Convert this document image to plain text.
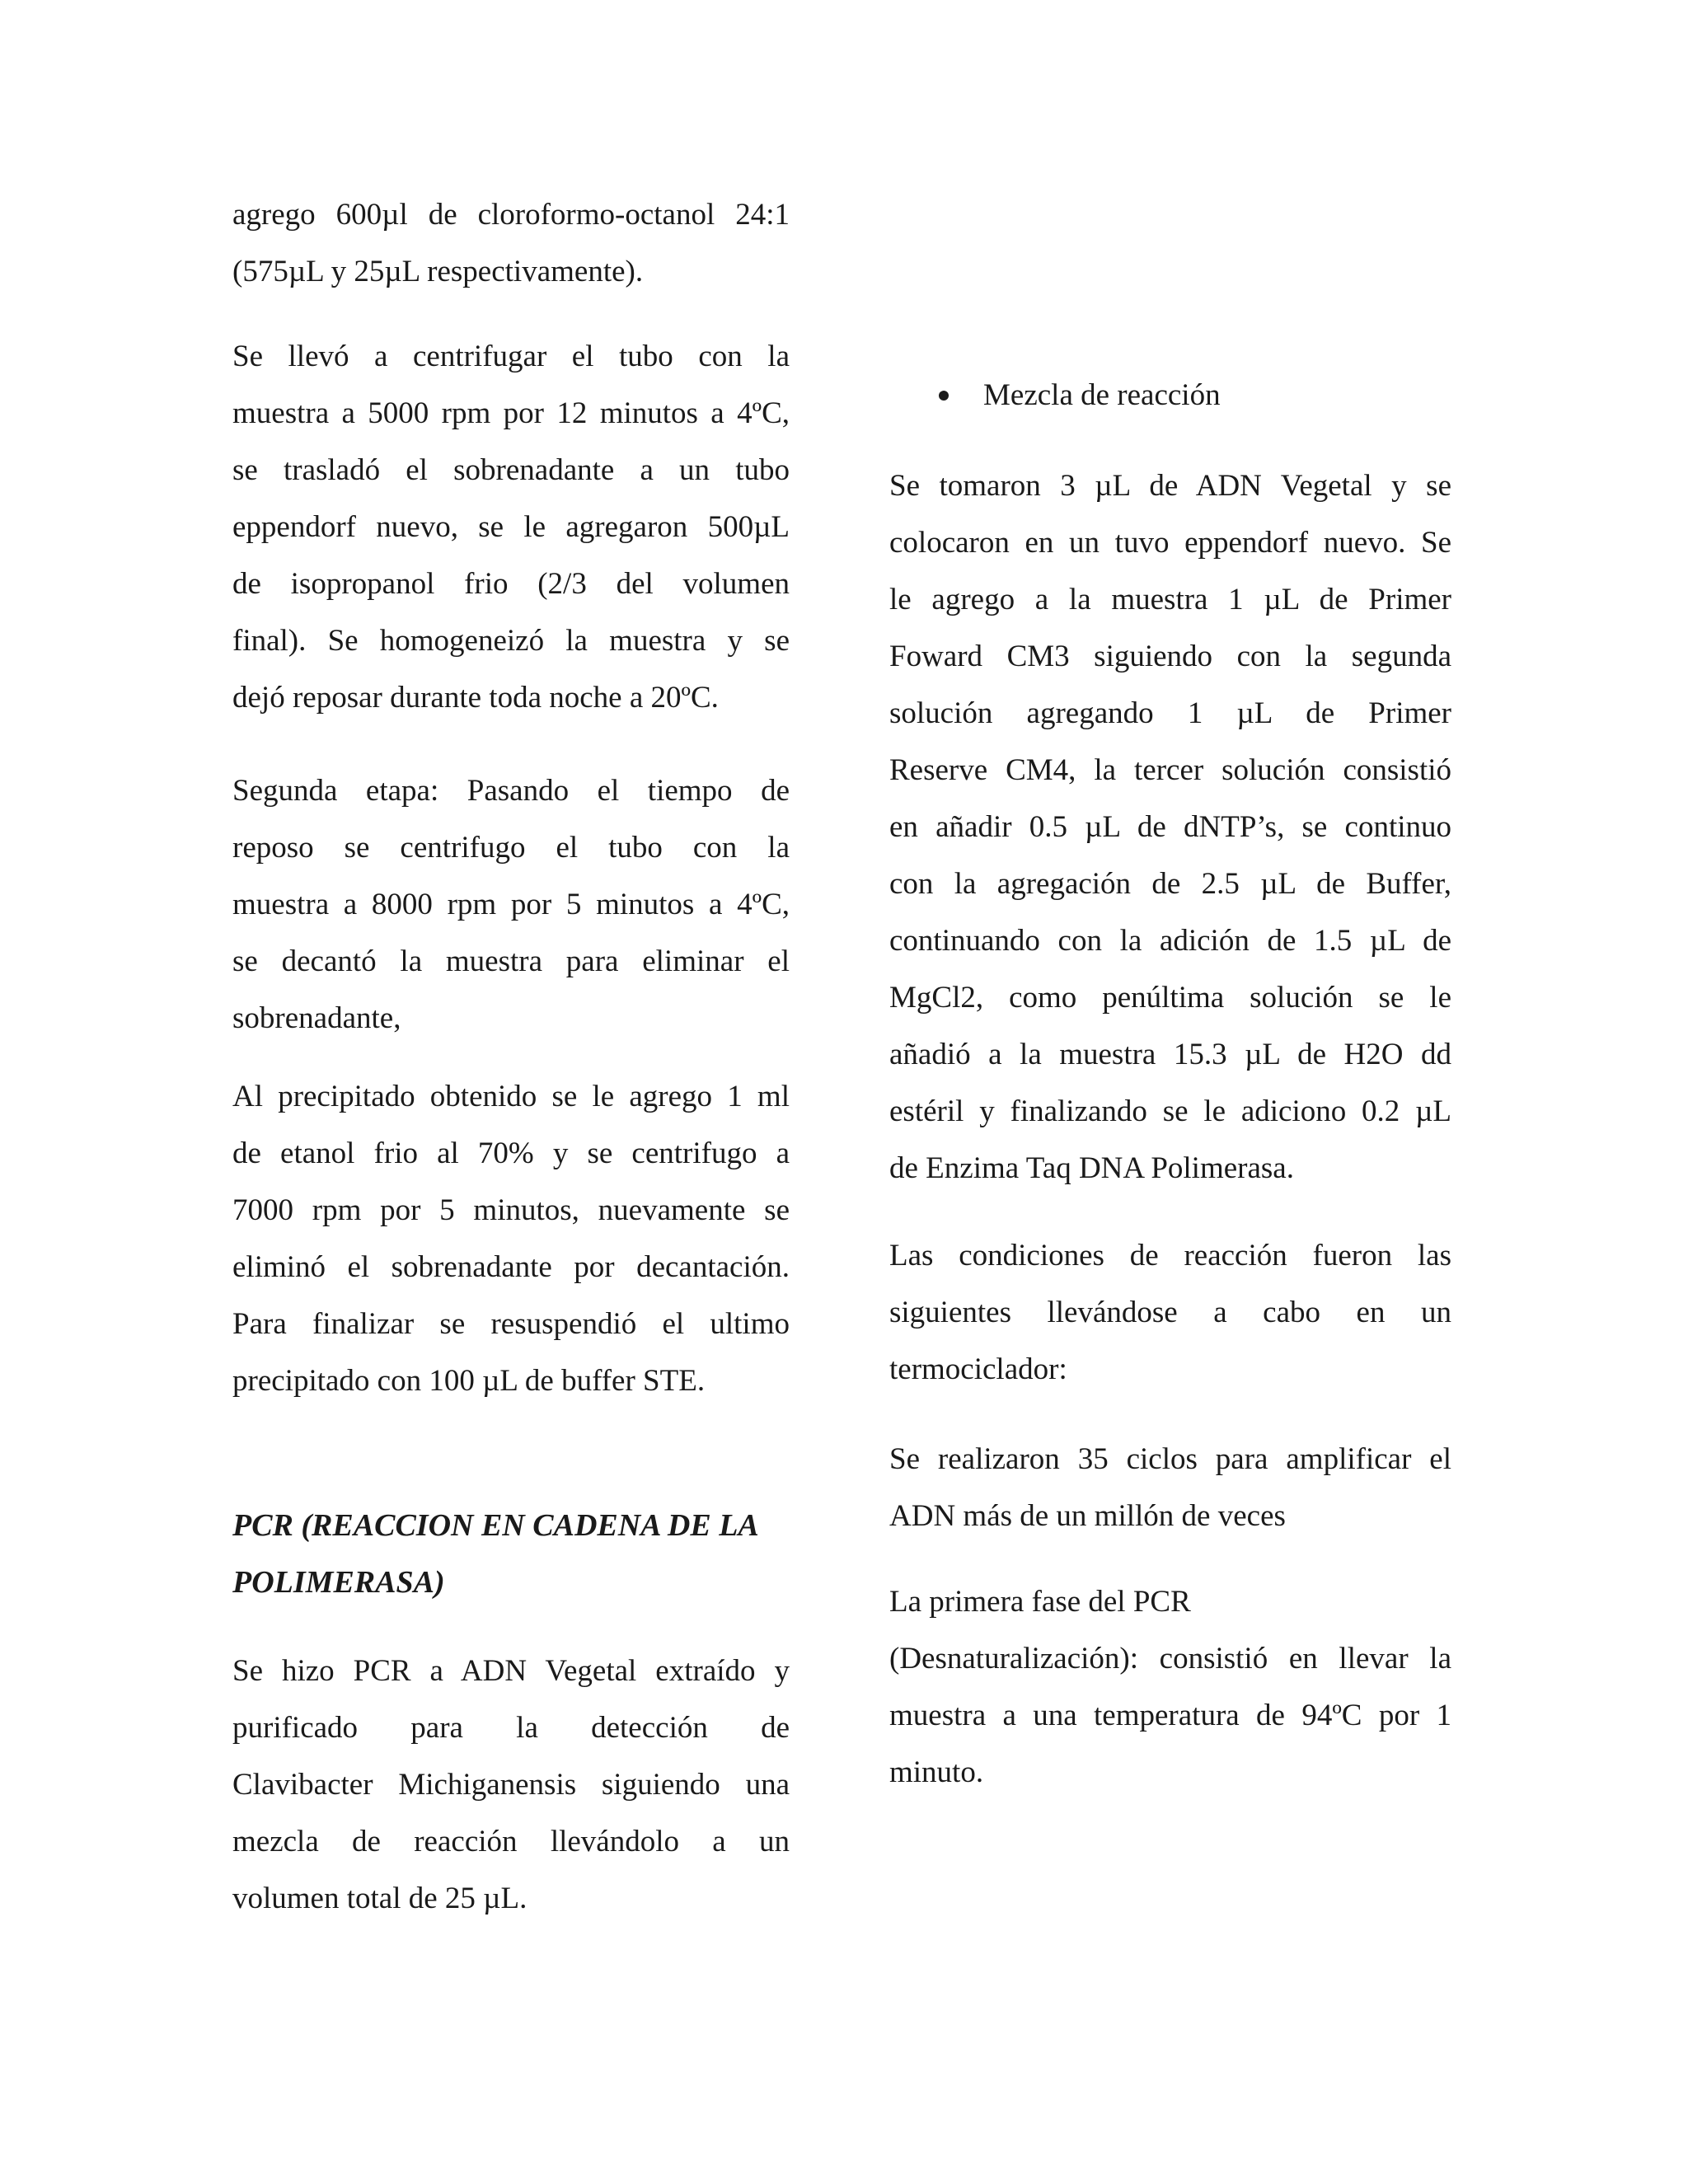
agrego 600µl de cloroformo-octanol 24:1
(575µL y 25µL respectivamente).
Se llevó a centrifugar el tubo con la
muestra a 5000 rpm por 12 minutos a 4ºC,
se trasladó el sobrenadante a un tubo
eppendorf nuevo, se le agregaron 500µL
de isopropanol frio (2/3 del volumen
final). Se homogeneizó la muestra y se
dejó reposar durante toda noche a 20ºC.
Segunda etapa: Pasando el tiempo de
reposo se centrifugo el tubo con la
muestra a 8000 rpm por 5 minutos a 4ºC,
se decantó la muestra para eliminar el
sobrenadante,
Al precipitado obtenido se le agrego 1 ml
de etanol frio al 70% y se centrifugo a
7000 rpm por 5 minutos, nuevamente se
eliminó el sobrenadante por decantación.
Para finalizar se resuspendió el ultimo
precipitado con 100 µL de buffer STE.
PCR (REACCION EN CADENA DE LA
POLIMERASA)
Se hizo PCR a ADN Vegetal extraído y
purificado para la detección de
Clavibacter Michiganensis siguiendo una
mezcla de reacción llevándolo a un
volumen total de 25 µL.
Mezcla de reacción
Se tomaron 3 µL de ADN Vegetal y se
colocaron en un tuvo eppendorf nuevo. Se
le agrego a la muestra 1 µL de Primer
Foward CM3 siguiendo con la segunda
solución agregando 1 µL de Primer
Reserve CM4, la tercer solución consistió
en añadir 0.5 µL de dNTP’s, se continuo
con la agregación de 2.5 µL de Buffer,
continuando con la adición de 1.5 µL de
MgCl2, como penúltima solución se le
añadió a la muestra 15.3 µL de H2O dd
estéril y finalizando se le adiciono 0.2 µL
de Enzima Taq DNA Polimerasa.
Las condiciones de reacción fueron las
siguientes llevándose a cabo en un
termociclador:
Se realizaron 35 ciclos para amplificar el
ADN más de un millón de veces
La primera fase del PCR
(Desnaturalización): consistió en llevar la
muestra a una temperatura de 94ºC por 1
minuto.
